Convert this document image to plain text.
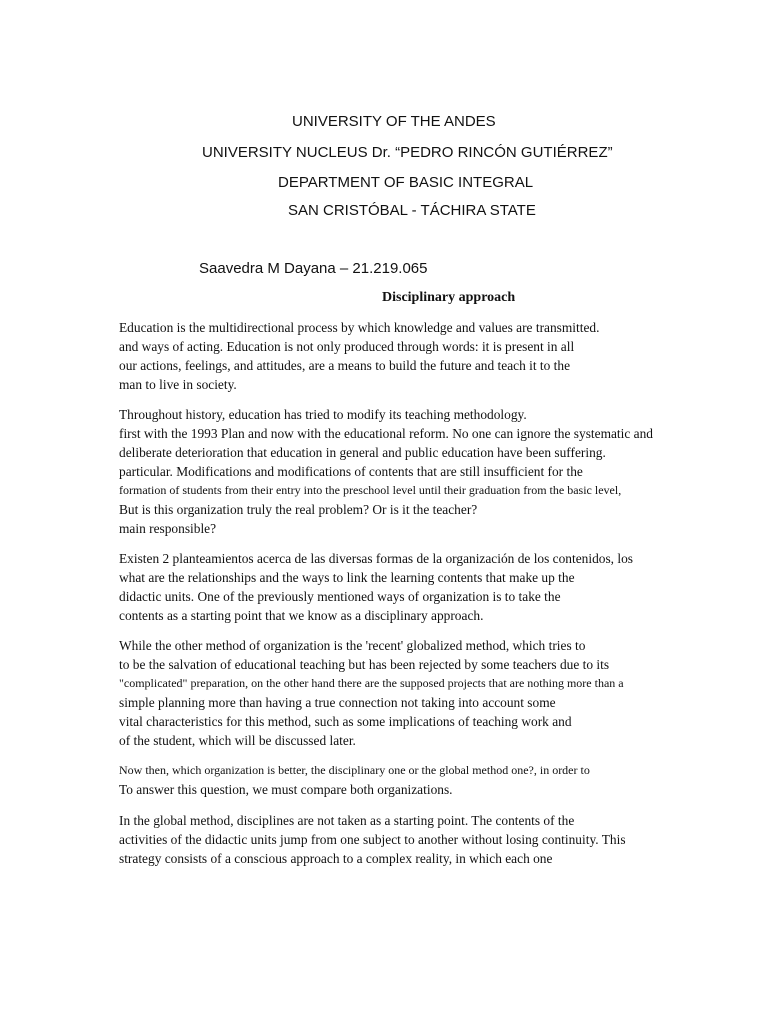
UNIVERSITY OF THE ANDES
UNIVERSITY NUCLEUS Dr. “PEDRO RINCÓN GUTIÉRREZ”
DEPARTMENT OF BASIC INTEGRAL
SAN CRISTÓBAL - TÁCHIRA STATE
Saavedra M Dayana – 21.219.065
Disciplinary approach
Education is the multidirectional process by which knowledge and values are transmitted.
and ways of acting. Education is not only produced through words: it is present in all
our actions, feelings, and attitudes, are a means to build the future and teach it to the
man to live in society.
Throughout history, education has tried to modify its teaching methodology.
first with the 1993 Plan and now with the educational reform. No one can ignore the systematic and
deliberate deterioration that education in general and public education have been suffering.
particular. Modifications and modifications of contents that are still insufficient for the
formation of students from their entry into the preschool level until their graduation from the basic level,
But is this organization truly the real problem? Or is it the teacher?
main responsible?
Existen 2 planteamientos acerca de las diversas formas de la organización de los contenidos, los
what are the relationships and the ways to link the learning contents that make up the
didactic units. One of the previously mentioned ways of organization is to take the
contents as a starting point that we know as a disciplinary approach.
While the other method of organization is the 'recent' globalized method, which tries to
to be the salvation of educational teaching but has been rejected by some teachers due to its
"complicated" preparation, on the other hand there are the supposed projects that are nothing more than a
simple planning more than having a true connection not taking into account some
vital characteristics for this method, such as some implications of teaching work and
of the student, which will be discussed later.
Now then, which organization is better, the disciplinary one or the global method one?, in order to
To answer this question, we must compare both organizations.
In the global method, disciplines are not taken as a starting point. The contents of the
activities of the didactic units jump from one subject to another without losing continuity. This
strategy consists of a conscious approach to a complex reality, in which each one
